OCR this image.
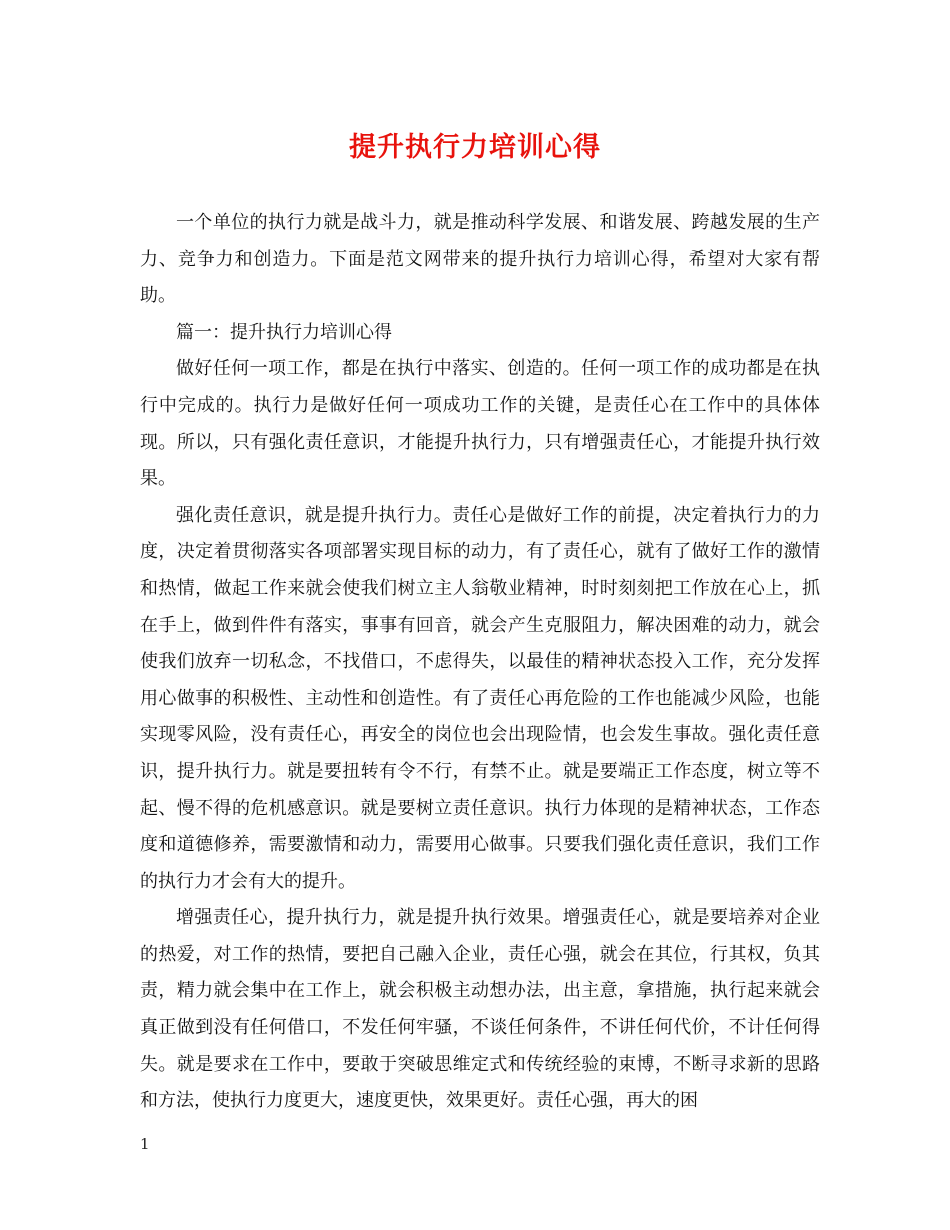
提升执行力培训心得

一个单位的执行力就是战斗力，就是推动科学发展、和谐发展、跨越发展的生产力、竞争力和创造力。下面是范文网带来的提升执行力培训心得，希望对大家有帮助。

篇一：提升执行力培训心得

做好任何一项工作，都是在执行中落实、创造的。任何一项工作的成功都是在执行中完成的。执行力是做好任何一项成功工作的关键，是责任心在工作中的具体体现。所以，只有强化责任意识，才能提升执行力，只有增强责任心，才能提升执行效果。

强化责任意识，就是提升执行力。责任心是做好工作的前提，决定着执行力的力度，决定着贯彻落实各项部署实现目标的动力，有了责任心，就有了做好工作的激情和热情，做起工作来就会使我们树立主人翁敬业精神，时时刻刻把工作放在心上，抓在手上，做到件件有落实，事事有回音，就会产生克服阻力，解决困难的动力，就会使我们放弃一切私念，不找借口，不虑得失，以最佳的精神状态投入工作，充分发挥用心做事的积极性、主动性和创造性。有了责任心再危险的工作也能减少风险，也能实现零风险，没有责任心，再安全的岗位也会出现险情，也会发生事故。强化责任意识，提升执行力。就是要扭转有令不行，有禁不止。就是要端正工作态度，树立等不起、慢不得的危机感意识。就是要树立责任意识。执行力体现的是精神状态，工作态度和道德修养，需要激情和动力，需要用心做事。只要我们强化责任意识，我们工作的执行力才会有大的提升。

增强责任心，提升执行力，就是提升执行效果。增强责任心，就是要培养对企业的热爱，对工作的热情，要把自己融入企业，责任心强，就会在其位，行其权，负其责，精力就会集中在工作上，就会积极主动想办法，出主意，拿措施，执行起来就会真正做到没有任何借口，不发任何牢骚，不谈任何条件，不讲任何代价，不计任何得失。就是要求在工作中，要敢于突破思维定式和传统经验的束博，不断寻求新的思路和方法，使执行力度更大，速度更快，效果更好。责任心强，再大的困

1
